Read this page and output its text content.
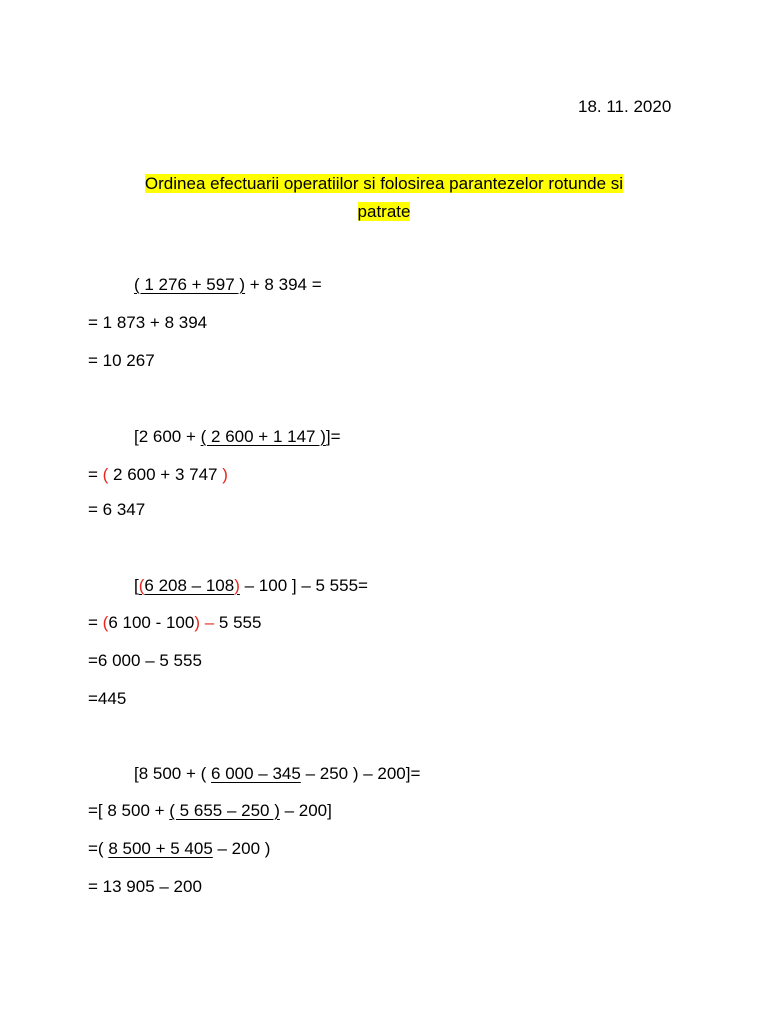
18. 11. 2020
Ordinea efectuarii operatiilor si folosirea parantezelor rotunde si
patrate
( 1 276 + 597 ) + 8 394 =
= 1 873 + 8 394
= 10 267
[2 600 + ( 2 600 + 1 147 )]=
= ( 2 600 + 3 747 )
= 6 347
[(6 208 – 108) – 100 ] – 5 555=
= (6 100 - 100) – 5 555
=6 000 – 5 555
=445
[8 500 + ( 6 000 – 345 – 250 ) – 200]=
=[ 8 500 + ( 5 655 – 250 ) – 200]
=( 8 500 + 5 405 – 200 )
= 13 905 – 200
